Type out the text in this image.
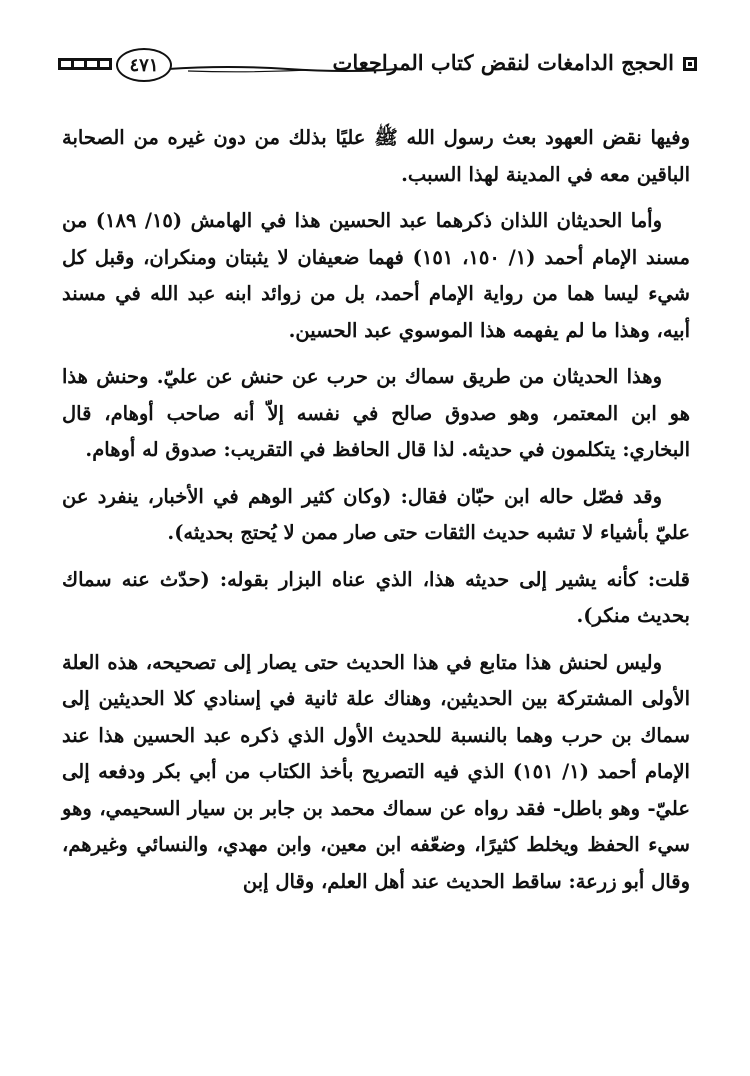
الحجج الدامغات لنقض كتاب المراجعات
٤٧١

وفيها نقض العهود بعث رسول الله ﷺ عليًا بذلك من دون غيره من الصحابة الباقين معه في المدينة لهذا السبب.

وأما الحديثان اللذان ذكرهما عبد الحسين هذا في الهامش (١٥/ ١٨٩) من مسند الإمام أحمد (١/ ١٥٠، ١٥١) فهما ضعيفان لا يثبتان ومنكران، وقبل كل شيء ليسا هما من رواية الإمام أحمد، بل من زوائد ابنه عبد الله في مسند أبيه، وهذا ما لم يفهمه هذا الموسوي عبد الحسين.

وهذا الحديثان من طريق سماك بن حرب عن حنش عن عليّ. وحنش هذا هو ابن المعتمر، وهو صدوق صالح في نفسه إلاّ أنه صاحب أوهام، قال البخاري: يتكلمون في حديثه. لذا قال الحافظ في التقريب: صدوق له أوهام.

وقد فصّل حاله ابن حبّان فقال: (وكان كثير الوهم في الأخبار، ينفرد عن عليّ بأشياء لا تشبه حديث الثقات حتى صار ممن لا يُحتج بحديثه).

قلت: كأنه يشير إلى حديثه هذا، الذي عناه البزار بقوله: (حدّث عنه سماك بحديث منكر).

وليس لحنش هذا متابع في هذا الحديث حتى يصار إلى تصحيحه، هذه العلة الأولى المشتركة بين الحديثين، وهناك علة ثانية في إسنادي كلا الحديثين إلى سماك بن حرب وهما بالنسبة للحديث الأول الذي ذكره عبد الحسين هذا عند الإمام أحمد (١/ ١٥١) الذي فيه التصريح بأخذ الكتاب من أبي بكر ودفعه إلى عليّ- وهو باطل- فقد رواه عن سماك محمد بن جابر بن سيار السحيمي، وهو سيء الحفظ ويخلط كثيرًا، وضعّفه ابن معين، وابن مهدي، والنسائي وغيرهم، وقال أبو زرعة: ساقط الحديث عند أهل العلم، وقال إبن
